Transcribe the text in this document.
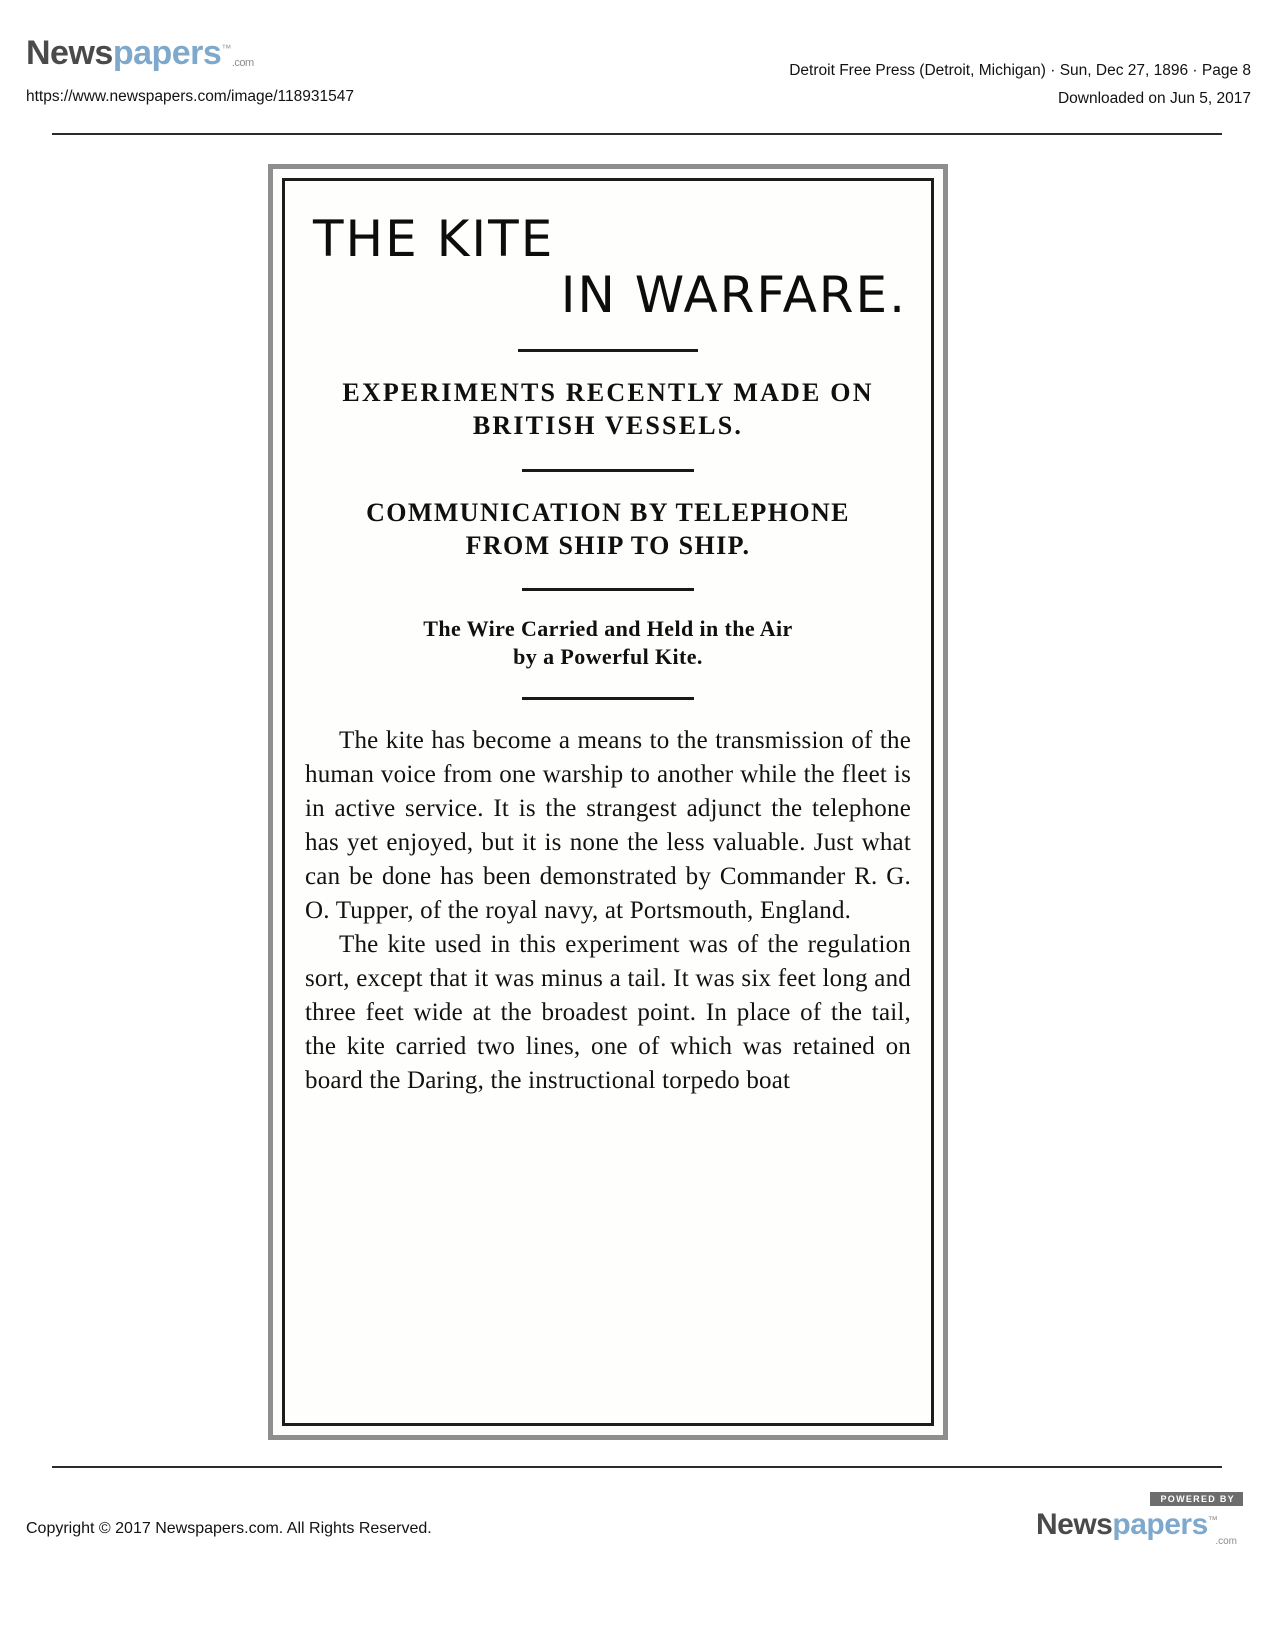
Newspapers™.com
https://www.newspapers.com/image/118931547
Detroit Free Press (Detroit, Michigan) · Sun, Dec 27, 1896 · Page 8
Downloaded on Jun 5, 2017
THE KITE
IN WARFARE.
EXPERIMENTS RECENTLY MADE ON
BRITISH VESSELS.
COMMUNICATION BY TELEPHONE
FROM SHIP TO SHIP.
The Wire Carried and Held in the Air
by a Powerful Kite.

The kite has become a means to the transmission of the human voice from one warship to another while the fleet is in active service. It is the strangest adjunct the telephone has yet enjoyed, but it is none the less valuable. Just what can be done has been demonstrated by Commander R. G. O. Tupper, of the royal navy, at Portsmouth, England.

The kite used in this experiment was of the regulation sort, except that it was minus a tail. It was six feet long and three feet wide at the broadest point. In place of the tail, the kite carried two lines, one of which was retained on board the Daring, the instructional torpedo boat

Copyright © 2017 Newspapers.com. All Rights Reserved.
POWERED BY
Newspapers™
.com
